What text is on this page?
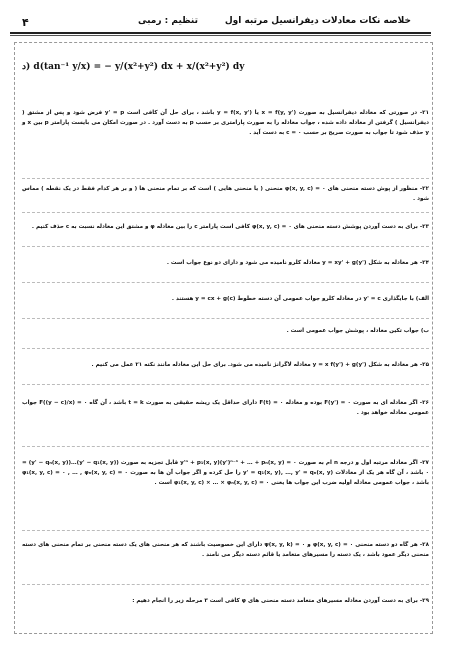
۴	تنظیم : رمبی	خلاصه نکات معادلات دیفرانسیل مرتبه اول
د) d(tan⁻¹ y/x) = − y/(x²+y²) dx + x/(x²+y²) dy
۲۱- در صورتی که معادله دیفرانسیل به صورت x = f(y, y') یا y = f(x, y') باشد ، برای حل آن کافی است y' = p فرض شود و پس از مشتق ( دیفرانسیل ) گرفتن از معادله داده شده ، جواب معادله را به صورت پارامتری بر حسب p به دست آورد . در صورت امکان می بایست پارامتر p بین x و y حذف شود تا جواب به صورت صریح بر حسب c = ۰ به دست آید .
۲۲- منظور از پوش دسته منحنی های ۰ = φ(x, y, c) منحنی ( یا منحنی هایی ) است که بر تمام منحنی ها ( و بر هر کدام فقط در یک نقطه ) مماس شود .
۲۳- برای به دست آوردن پوشش دسته منحنی های ۰ = φ(x, y, c) کافی است پارامتر c را بین معادله φ و مشتق این معادله نسبت به c حذف کنیم .
۲۴- هر معادله به شکل y = xy' + g(y') معادله کلرو نامیده می شود و دارای دو نوع جواب است .
الف) با جایگذاری y' = c در معادله کلرو جواب عمومی آن دسته خطوط y = cx + g(c) هستند .
ب) جواب تکین معادله ، پوشش جواب عمومی است .
۲۵- هر معادله به شکل y = x f(y') + g(y') معادله لاگرانژ نامیده می شود. برای حل این معادله مانند نکته ۲۱ عمل می کنیم .
۲۶- اگر معادله ای به صورت F(y') = ۰ بوده و معادله F(t) = ۰ دارای حداقل یک ریشه حقیقی به صورت t = k باشد ، آن گاه F((y − c)/x) = ۰ جواب عمومی معادله خواهد بود .
۲۷- اگر معادله مرتبه اول و درجه n ام به صورت y'ⁿ + p₁(x, y)(y')ⁿ⁻¹ + … + pₙ(x, y) = ۰ قابل تجزیه به صورت (y' − q₁(x, y))…(y' − qₙ(x, y)) = ۰ باشد ، آن گاه هر یک از معادلات y' = q₁(x, y), …, y' = qₙ(x, y) را حل کرده و اگر جواب آن ها به صورت φ₁(x, y, c) = ۰ , … , φₙ(x, y, c) = ۰ باشد ، جواب عمومی معادله اولیه ضرب این جواب ها یعنی φ₁(x, y, c) × … × φₙ(x, y, c) = ۰ است .
۲۸- هر گاه دو دسته منحنی ۰ = φ(x, y, c) و ۰ = ψ(x, y, k) دارای این خصوصیت باشند که هر منحنی های یک دسته منحنی بر تمام منحنی های دسته منحنی دیگر عمود باشد ، یک دسته را مسیرهای متعامد یا قائم دسته دیگر می نامند .
۲۹- برای به دست آوردن معادله مسیرهای متعامد دسته منحنی های φ کافی است ۳ مرحله زیر را انجام دهیم :
